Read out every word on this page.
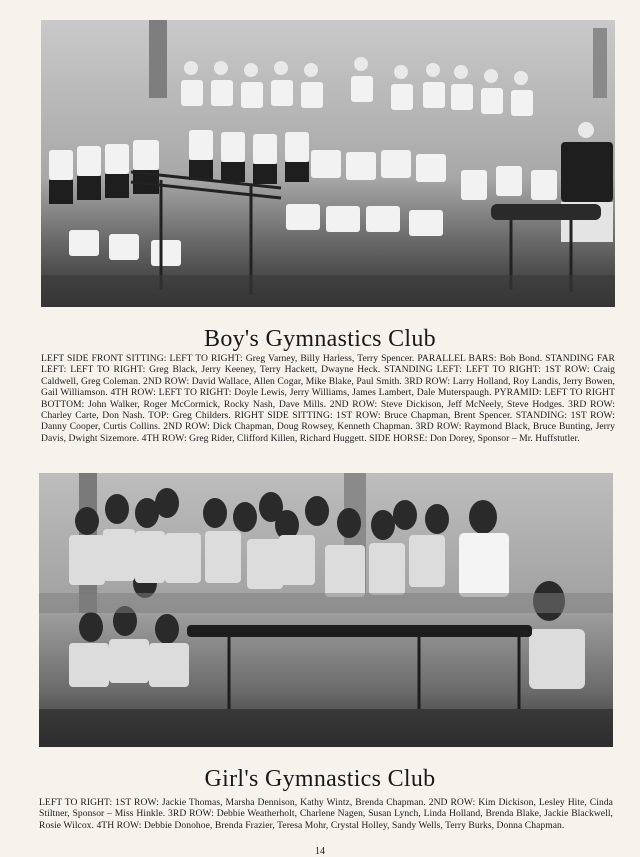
Boy's Gymnastics Club
LEFT SIDE FRONT SITTING: LEFT TO RIGHT: Greg Varney, Billy Harless, Terry Spencer. PARALLEL BARS: Bob Bond. STANDING FAR LEFT: LEFT TO RIGHT: Greg Black, Jerry Keeney, Terry Hackett, Dwayne Heck. STANDING LEFT: LEFT TO RIGHT: 1ST ROW: Craig Caldwell, Greg Coleman. 2ND ROW: David Wallace, Allen Cogar, Mike Blake, Paul Smith. 3RD ROW: Larry Holland, Roy Landis, Jerry Bowen, Gail Williamson. 4TH ROW: LEFT TO RIGHT: Doyle Lewis, Jerry Williams, James Lambert, Dale Muterspaugh. PYRAMID: LEFT TO RIGHT BOTTOM: John Walker, Roger McCormick, Rocky Nash, Dave Mills. 2ND ROW: Steve Dickison, Jeff McNeely, Steve Hodges. 3RD ROW: Charley Carte, Don Nash. TOP: Greg Childers. RIGHT SIDE SITTING: 1ST ROW: Bruce Chapman, Brent Spencer. STANDING: 1ST ROW: Danny Cooper, Curtis Collins. 2ND ROW: Dick Chapman, Doug Rowsey, Kenneth Chapman. 3RD ROW: Raymond Black, Bruce Bunting, Jerry Davis, Dwight Sizemore. 4TH ROW: Greg Rider, Clifford Killen, Richard Huggett. SIDE HORSE: Don Dorey, Sponsor – Mr. Huffstutler.
Girl's Gymnastics Club
LEFT TO RIGHT: 1ST ROW: Jackie Thomas, Marsha Dennison, Kathy Wintz, Brenda Chapman. 2ND ROW: Kim Dickison, Lesley Hite, Cinda Stiltner, Sponsor – Miss Hinkle. 3RD ROW: Debbie Weatherholt, Charlene Nagen, Susan Lynch, Linda Holland, Brenda Blake, Jackie Blackwell, Rosie Wilcox. 4TH ROW: Debbie Donohoe, Brenda Frazier, Teresa Mohr, Crystal Holley, Sandy Wells, Terry Burks, Donna Chapman.
14
